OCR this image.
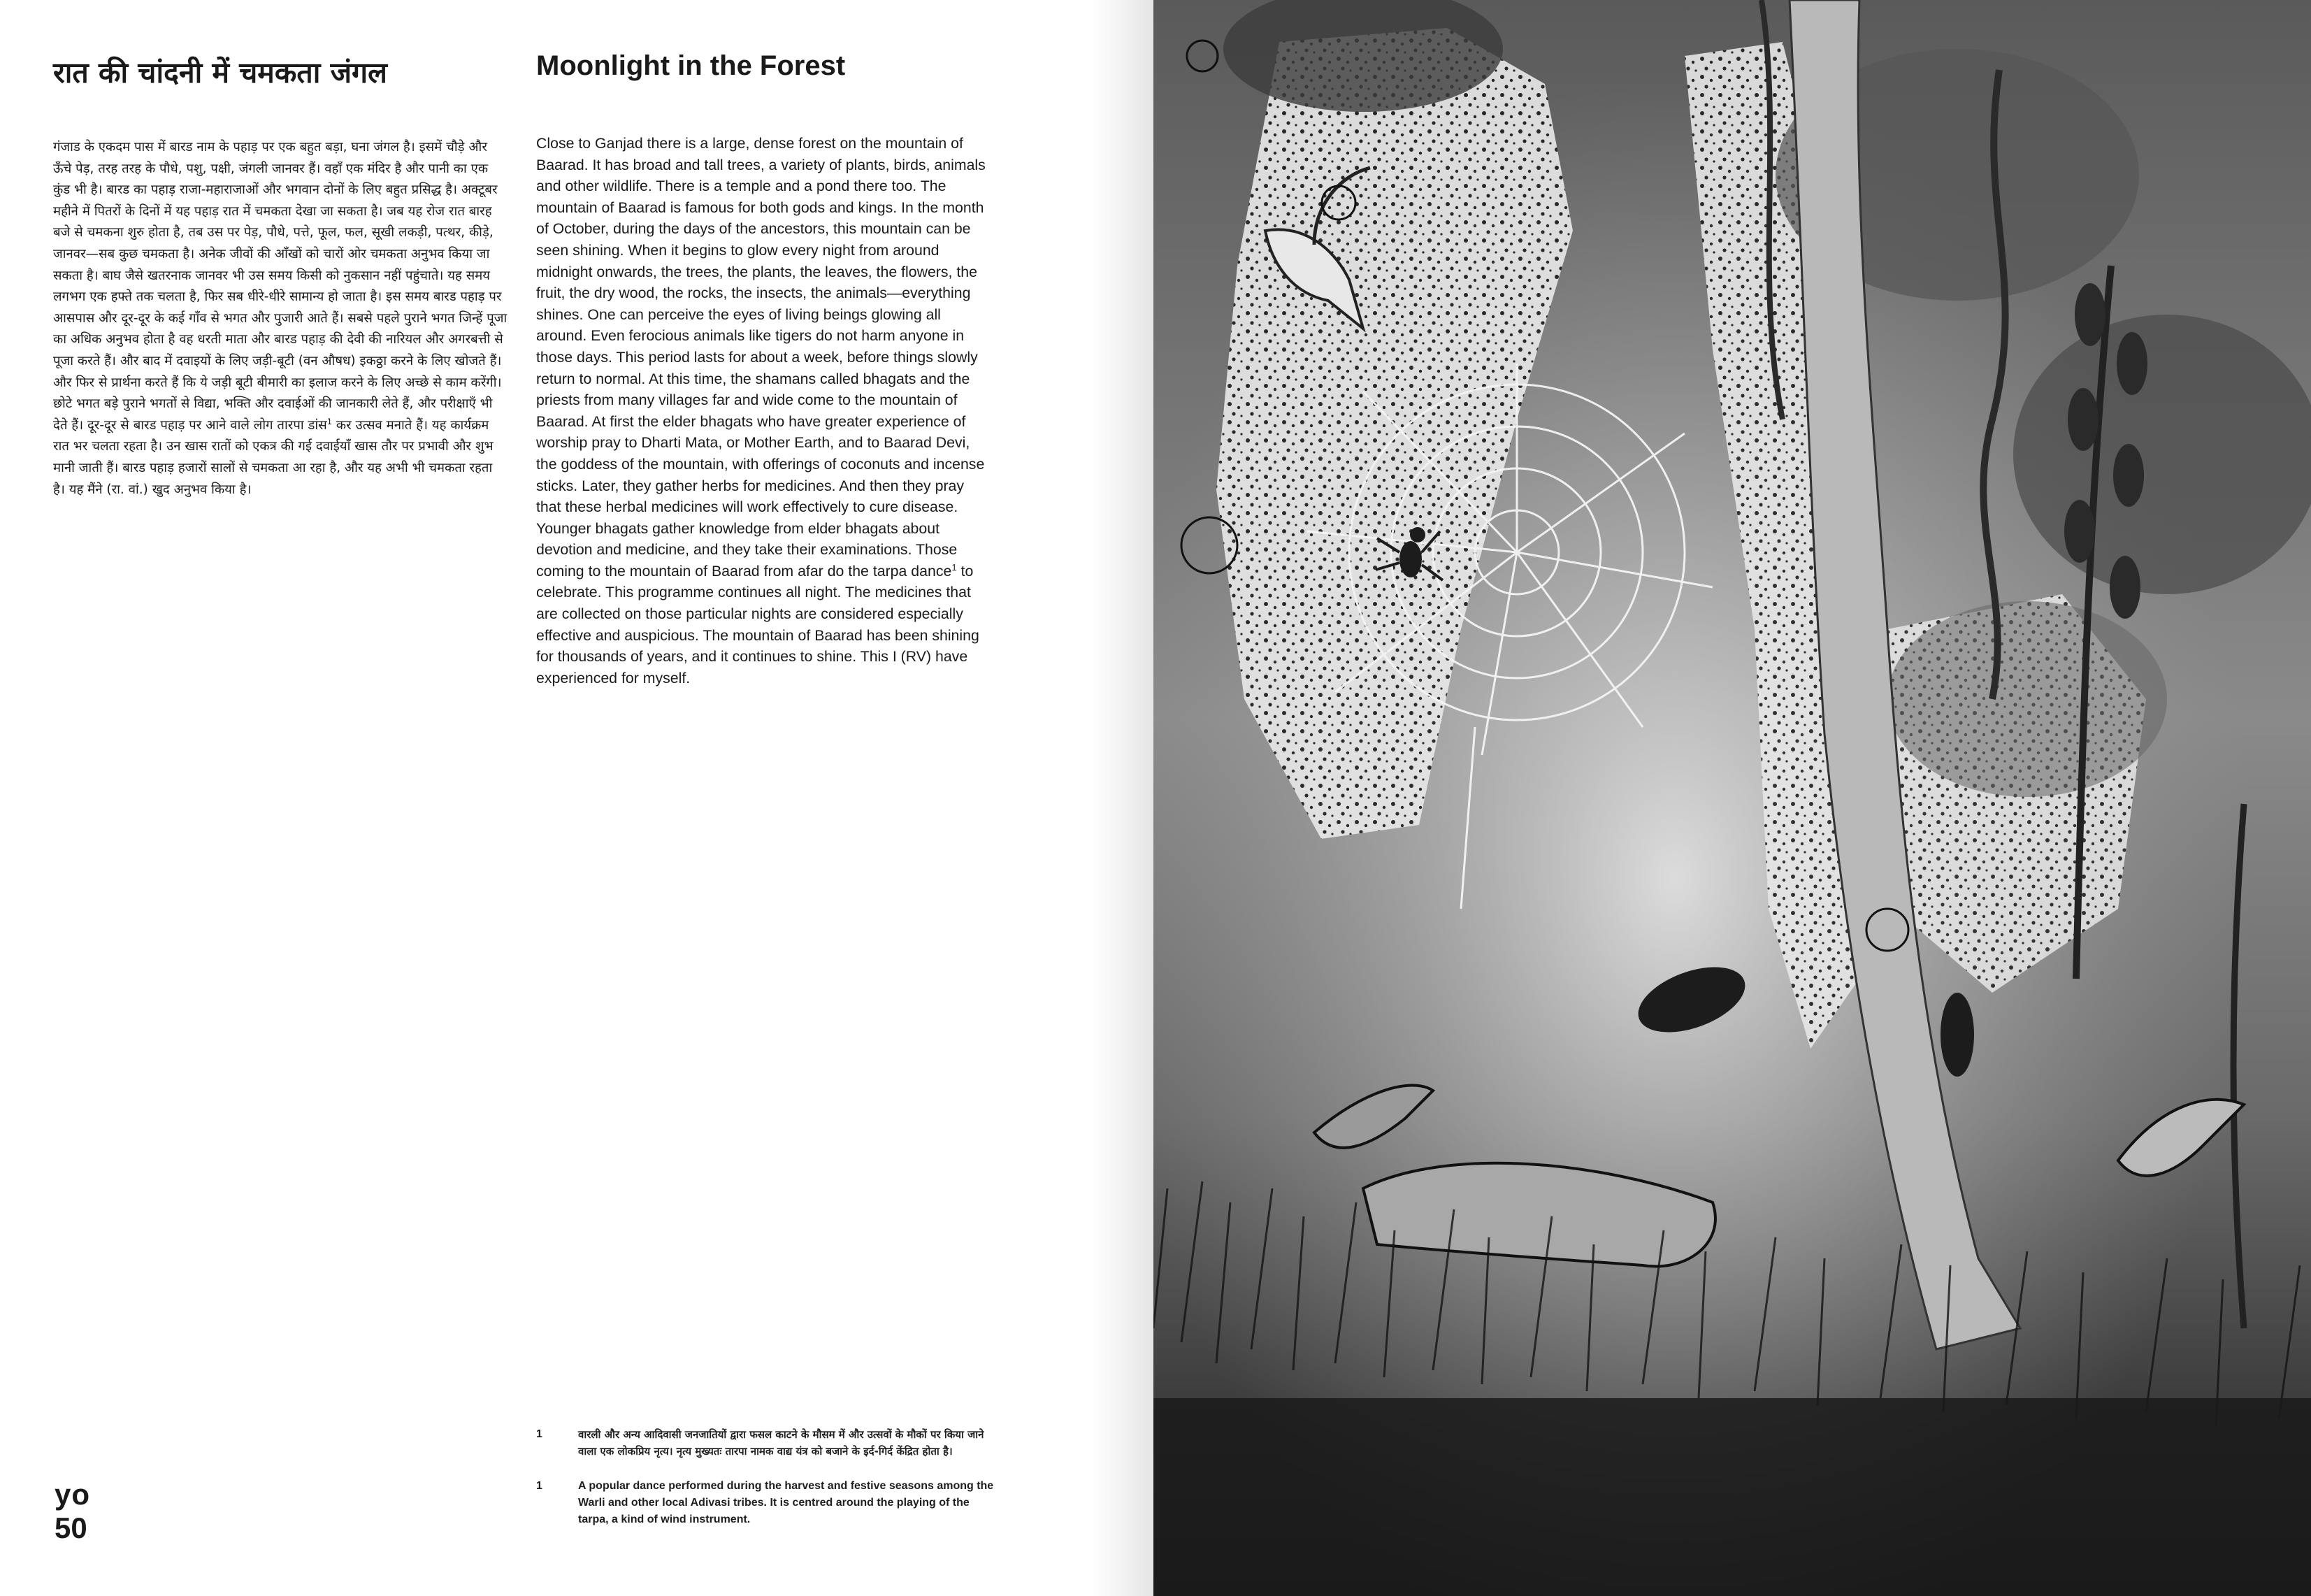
रात की चांदनी में चमकता जंगल	Moonlight in the Forest

गंजाड के एकदम पास में बारड नाम के पहाड़ पर एक बहुत बड़ा, घना जंगल है। इसमें चौड़े और ऊँचे पेड़, तरह तरह के पौधे, पशु, पक्षी, जंगली जानवर हैं। वहाँ एक मंदिर है और पानी का एक कुंड भी है। बारड का पहाड़ राजा-महाराजाओं और भगवान दोनों के लिए बहुत प्रसिद्ध है। अक्टूबर महीने में पितरों के दिनों में यह पहाड़ रात में चमकता देखा जा सकता है। जब यह रोज रात बारह बजे से चमकना शुरु होता है, तब उस पर पेड़, पौधे, पत्ते, फूल, फल, सूखी लकड़ी, पत्थर, कीड़े, जानवर—सब कुछ चमकता है। अनेक जीवों की आँखों को चारों ओर चमकता अनुभव किया जा सकता है। बाघ जैसे खतरनाक जानवर भी उस समय किसी को नुकसान नहीं पहुंचाते। यह समय लगभग एक हफ्ते तक चलता है, फिर सब धीरे-धीरे सामान्य हो जाता है। इस समय बारड पहाड़ पर आसपास और दूर-दूर के कई गाँव से भगत और पुजारी आते हैं। सबसे पहले पुराने भगत जिन्हें पूजा का अधिक अनुभव होता है वह धरती माता और बारड पहाड़ की देवी की नारियल और अगरबत्ती से पूजा करते हैं। और बाद में दवाइयों के लिए जड़ी-बूटी (वन औषध) इकठ्ठा करने के लिए खोजते हैं। और फिर से प्रार्थना करते हैं कि ये जड़ी बूटी बीमारी का इलाज करने के लिए अच्छे से काम करेंगी। छोटे भगत बड़े पुराने भगतों से विद्या, भक्ति और दवाईओं की जानकारी लेते हैं, और परीक्षाएँ भी देते हैं। दूर-दूर से बारड पहाड़ पर आने वाले लोग तारपा डांस$^1$ कर उत्सव मनाते हैं। यह कार्यक्रम रात भर चलता रहता है। उन खास रातों को एकत्र की गई दवाईयाँ खास तौर पर प्रभावी और शुभ मानी जाती हैं। बारड पहाड़ हजारों सालों से चमकता आ रहा है, और यह अभी भी चमकता रहता है। यह मैंने (रा. वां.) खुद अनुभव किया है।

Close to Ganjad there is a large, dense forest on the mountain of Baarad. It has broad and tall trees, a variety of plants, birds, animals and other wildlife. There is a temple and a pond there too. The mountain of Baarad is famous for both gods and kings. In the month of October, during the days of the ancestors, this mountain can be seen shining. When it begins to glow every night from around midnight onwards, the trees, the plants, the leaves, the flowers, the fruit, the dry wood, the rocks, the insects, the animals—everything shines. One can perceive the eyes of living beings glowing all around. Even ferocious animals like tigers do not harm anyone in those days. This period lasts for about a week, before things slowly return to normal. At this time, the shamans called bhagats and the priests from many villages far and wide come to the mountain of Baarad. At first the elder bhagats who have greater experience of worship pray to Dharti Mata, or Mother Earth, and to Baarad Devi, the goddess of the mountain, with offerings of coconuts and incense sticks. Later, they gather herbs for medicines. And then they pray that these herbal medicines will work effectively to cure disease. Younger bhagats gather knowledge from elder bhagats about devotion and medicine, and they take their examinations. Those coming to the mountain of Baarad from afar do the tarpa dance$^1$ to celebrate. This programme continues all night. The medicines that are collected on those particular nights are considered especially effective and auspicious. The mountain of Baarad has been shining for thousands of years, and it continues to shine. This I (RV) have experienced for myself.

1	वारली और अन्य आदिवासी जनजातियों द्वारा फसल काटने के मौसम में और उत्सवों के मौकों पर किया जाने वाला एक लोकप्रिय नृत्य। नृत्य मुख्यतः तारपा नामक वाद्य यंत्र को बजाने के इर्द-गिर्द केंद्रित होता है।
1	A popular dance performed during the harvest and festive seasons among the Warli and other local Adivasi tribes. It is centred around the playing of the tarpa, a kind of wind instrument.
yo
50
